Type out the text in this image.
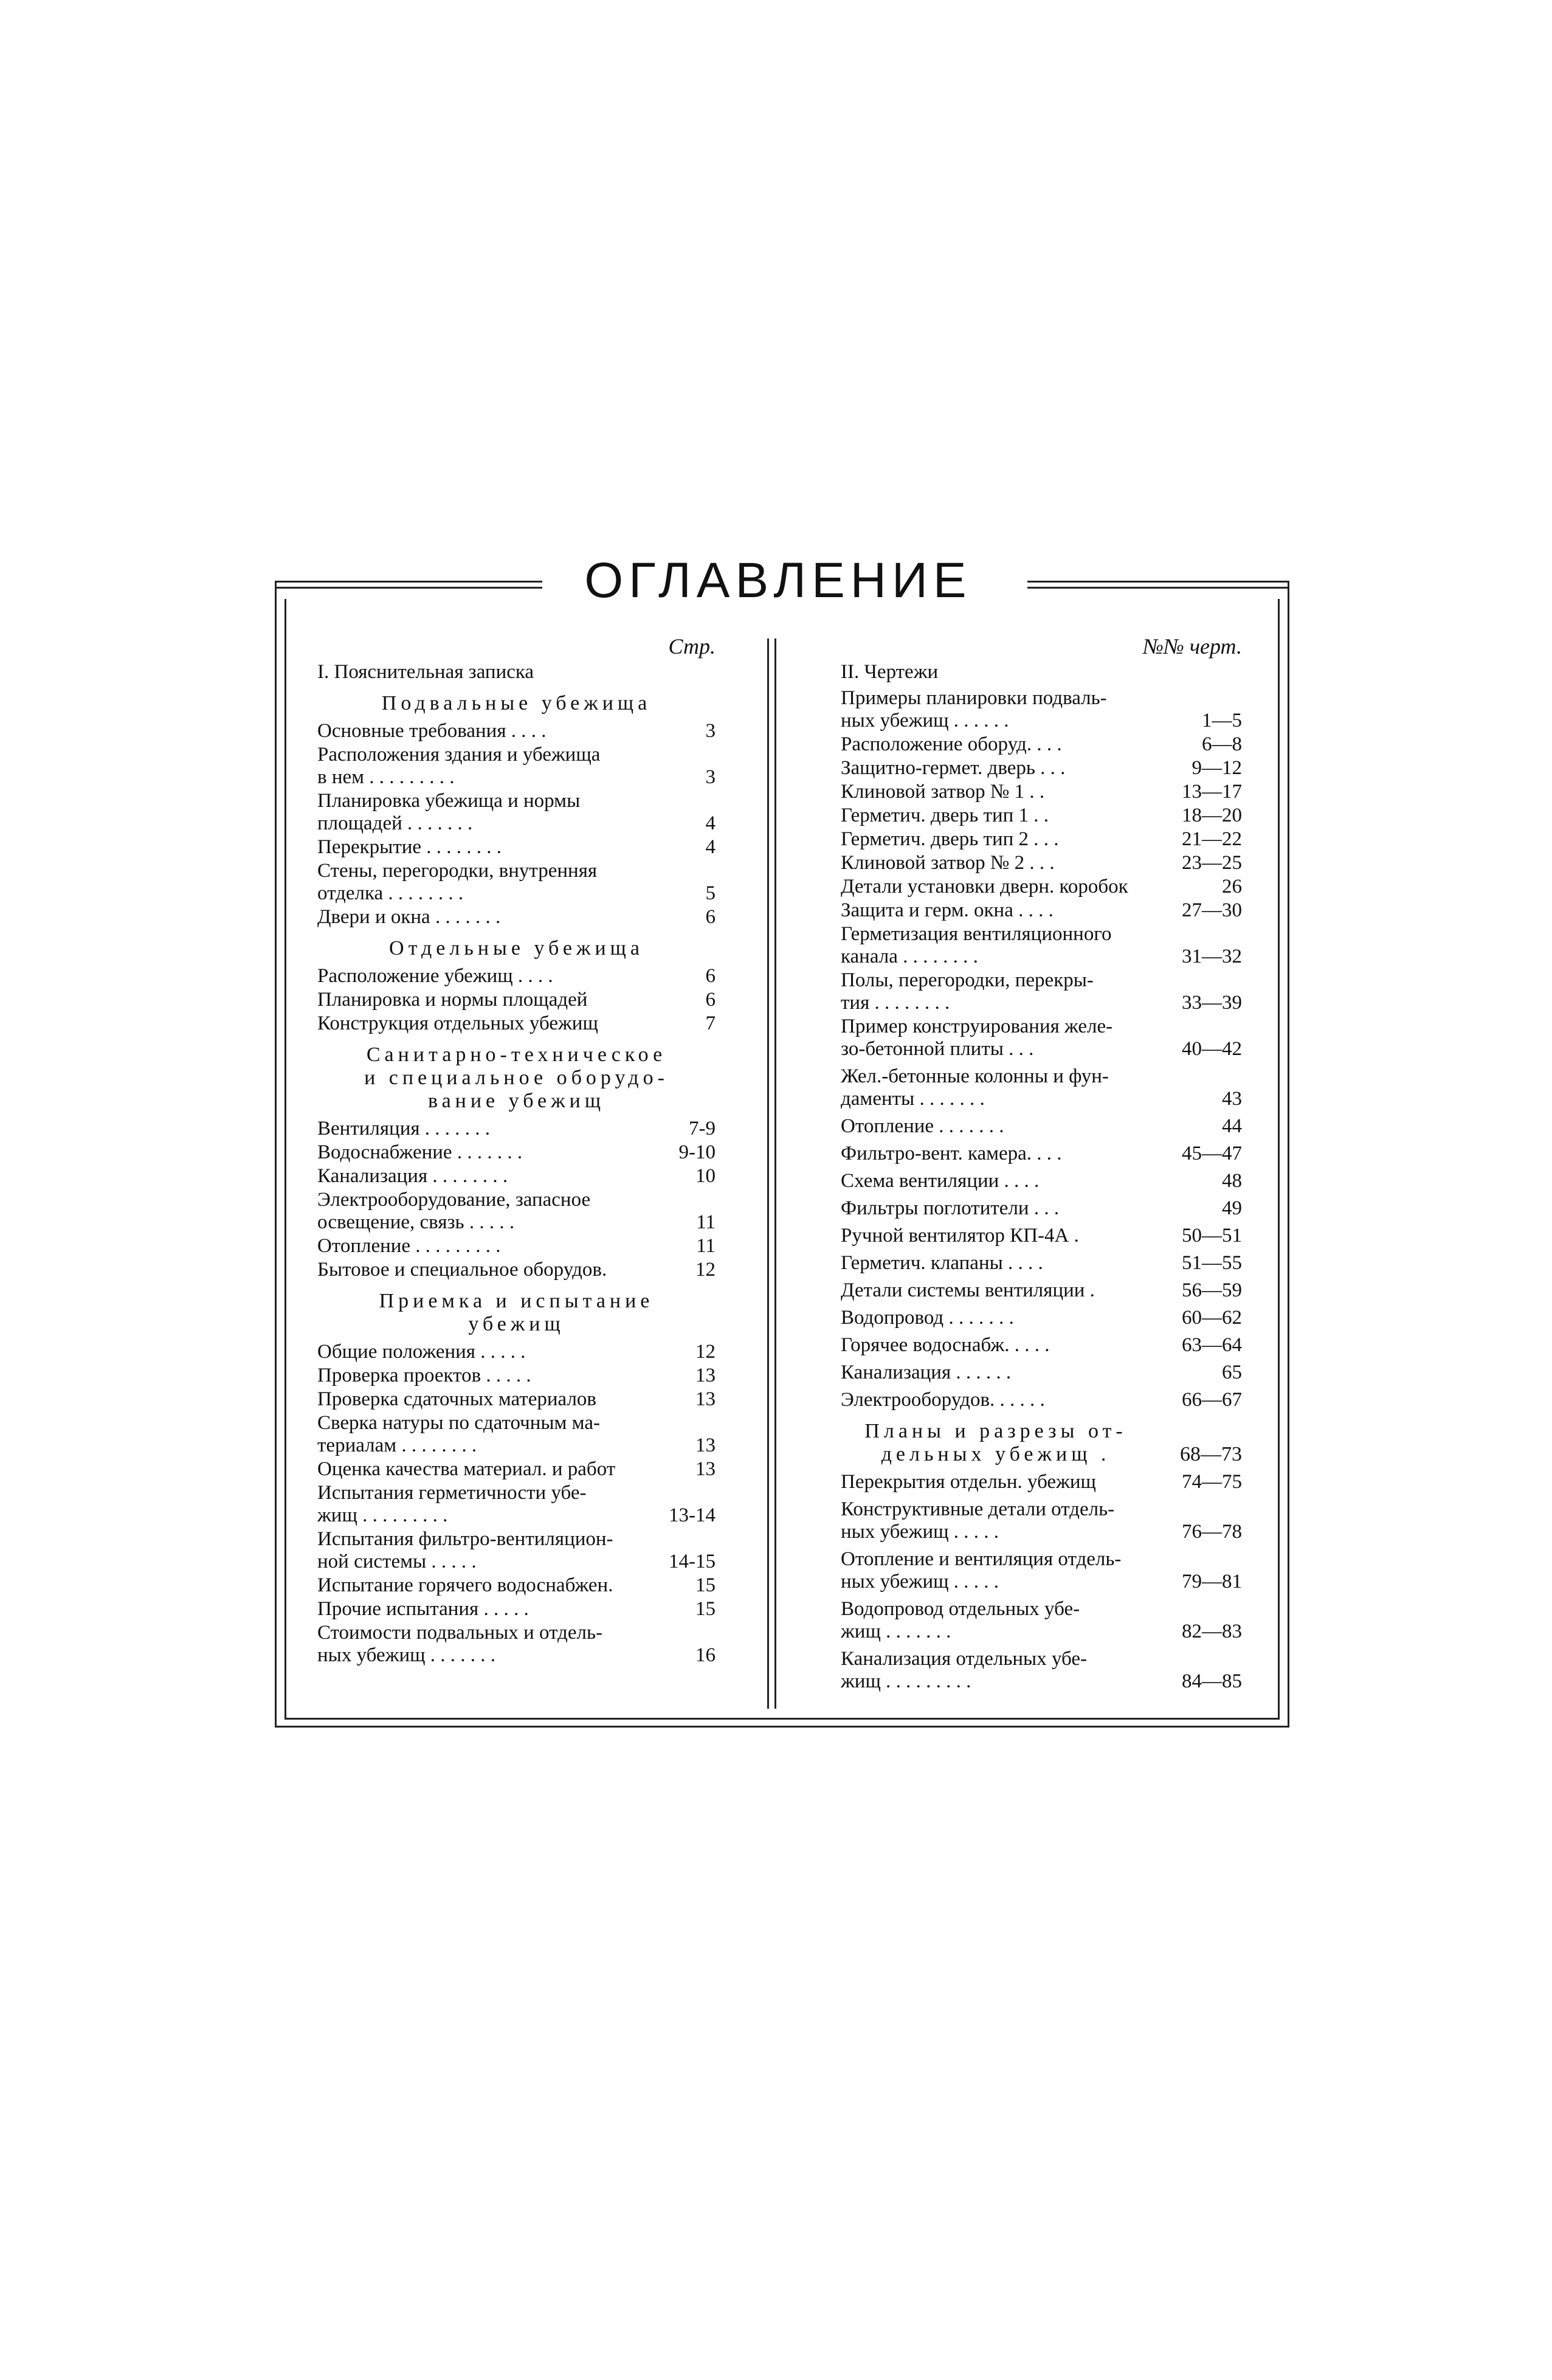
ОГЛАВЛЕНИЕ
Стр.
I. Пояснительная записка
Подвальные убежища
Основные требования . . . .	3
Расположения здания и убежища
в нем . . . . . . . . .	3
Планировка убежища и нормы
площадей . . . . . . .	4
Перекрытие . . . . . . . .	4
Стены, перегородки, внутренняя
отделка . . . . . . . .	5
Двери и окна . . . . . . .	6
Отдельные убежища
Расположение убежищ . . . .	6
Планировка и нормы площадей	6
Конструкция отдельных убежищ	7
Санитарно-техническое
и специальное оборудо-
вание убежищ
Вентиляция . . . . . . .	7-9
Водоснабжение . . . . . . .	9-10
Канализация . . . . . . . .	10
Электрооборудование, запасное
освещение, связь . . . . .	11
Отопление . . . . . . . . .	11
Бытовое и специальное оборудов.	12
Приемка и испытание
убежищ
Общие положения . . . . .	12
Проверка проектов . . . . .	13
Проверка сдаточных материалов	13
Сверка натуры по сдаточным ма-
териалам . . . . . . . .	13
Оценка качества материал. и работ	13
Испытания герметичности убе-
жищ . . . . . . . . .	13-14
Испытания фильтро-вентиляцион-
ной системы . . . . .	14-15
Испытание горячего водоснабжен.	15
Прочие испытания . . . . .	15
Стоимости подвальных и отдель-
ных убежищ . . . . . . .	16
№№ черт.
II. Чертежи
Примеры планировки подваль-
ных убежищ . . . . . .	1—5
Расположение оборуд. . . .	6—8
Защитно-гермет. дверь . . .	9—12
Клиновой затвор № 1 . .	13—17
Герметич. дверь тип 1 . .	18—20
Герметич. дверь тип 2 . . .	21—22
Клиновой затвор № 2 . . .	23—25
Детали установки дверн. коробок	26
Защита и герм. окна . . . .	27—30
Герметизация вентиляционного
канала . . . . . . . .	31—32
Полы, перегородки, перекры-
тия . . . . . . . .	33—39
Пример конструирования желе-
зо-бетонной плиты . . .	40—42
Жел.-бетонные колонны и фун-
даменты . . . . . . .	43
Отопление . . . . . . .	44
Фильтро-вент. камера. . . .	45—47
Схема вентиляции . . . .	48
Фильтры поглотители . . .	49
Ручной вентилятор КП-4А .	50—51
Герметич. клапаны . . . .	51—55
Детали системы вентиляции .	56—59
Водопровод . . . . . . .	60—62
Горячее водоснабж. . . . .	63—64
Канализация . . . . . .	65
Электрооборудов. . . . . .	66—67
Планы и разрезы от-
дельных убежищ .	68—73
Перекрытия отдельн. убежищ	74—75
Конструктивные детали отдель-
ных убежищ . . . . .	76—78
Отопление и вентиляция отдель-
ных убежищ . . . . .	79—81
Водопровод отдельных убе-
жищ . . . . . . .	82—83
Канализация отдельных убе-
жищ . . . . . . . . .	84—85
